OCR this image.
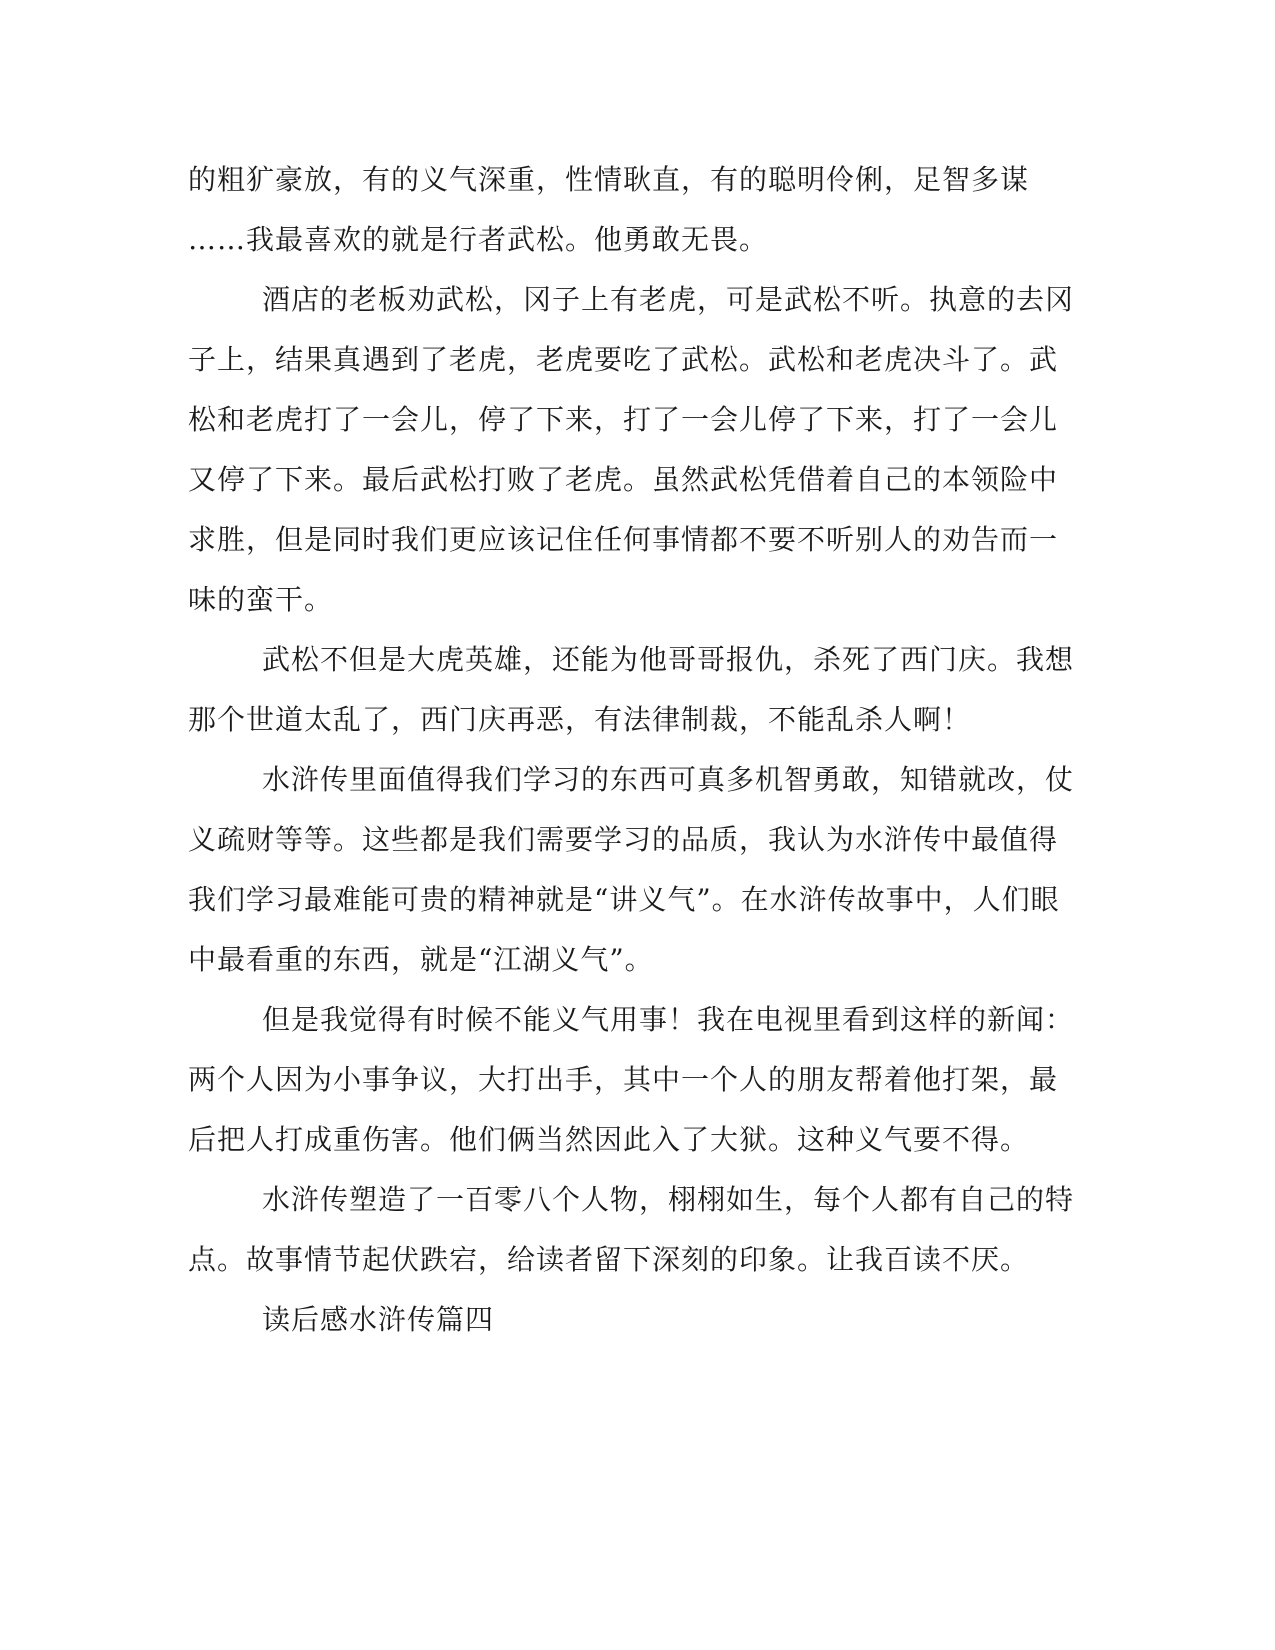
的粗犷豪放，有的义气深重，性情耿直，有的聪明伶俐，足智多谋
……我最喜欢的就是行者武松。他勇敢无畏。
酒店的老板劝武松，冈子上有老虎，可是武松不听。执意的去冈
子上，结果真遇到了老虎，老虎要吃了武松。武松和老虎决斗了。武
松和老虎打了一会儿，停了下来，打了一会儿停了下来，打了一会儿
又停了下来。最后武松打败了老虎。虽然武松凭借着自己的本领险中
求胜，但是同时我们更应该记住任何事情都不要不听别人的劝告而一
味的蛮干。
武松不但是大虎英雄，还能为他哥哥报仇，杀死了西门庆。我想
那个世道太乱了，西门庆再恶，有法律制裁，不能乱杀人啊！
水浒传里面值得我们学习的东西可真多机智勇敢，知错就改，仗
义疏财等等。这些都是我们需要学习的品质，我认为水浒传中最值得
我们学习最难能可贵的精神就是“讲义气”。在水浒传故事中，人们眼
中最看重的东西，就是“江湖义气”。
但是我觉得有时候不能义气用事！我在电视里看到这样的新闻：
两个人因为小事争议，大打出手，其中一个人的朋友帮着他打架，最
后把人打成重伤害。他们俩当然因此入了大狱。这种义气要不得。
水浒传塑造了一百零八个人物，栩栩如生，每个人都有自己的特
点。故事情节起伏跌宕，给读者留下深刻的印象。让我百读不厌。
读后感水浒传篇四
